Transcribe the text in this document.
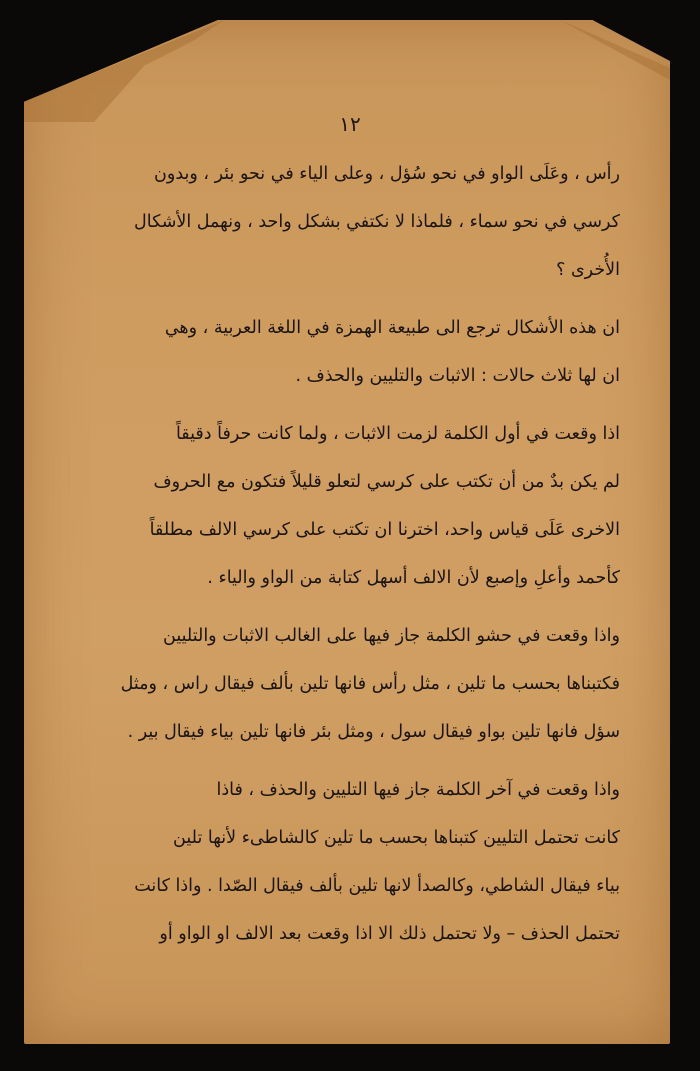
١٢

رأس ، وعَلَى الواو في نحو سُؤل ، وعلى الياء في نحو بئر ، وبدون
كرسي في نحو سماء ، فلماذا لا نكتفي بشكل واحد ، ونهمل الأشكال
الأُخرى ؟

ان هذه الأشكال ترجع الى طبيعة الهمزة في اللغة العربية ، وهي
ان لها ثلاث حالات : الاثبات والتليين والحذف .

اذا وقعت في أول الكلمة لزمت الاثبات ، ولما كانت حرفاً دقيقاً
لم يكن بدٌ من أن تكتب على كرسي لتعلو قليلاً فتكون مع الحروف
الاخرى عَلَى قياس واحد، اخترنا ان تكتب على كرسي الالف مطلقاً
كأحمد وأعلِ وإصبع لأن الالف أسهل كتابة من الواو والياء .

واذا وقعت في حشو الكلمة جاز فيها على الغالب الاثبات والتليين
فكتبناها بحسب ما تلين ، مثل رأس فانها تلين بألف فيقال راس ، ومثل
سؤل فانها تلين بواو فيقال سول ، ومثل بئر فانها تلين بياء فيقال بير .

واذا وقعت في آخر الكلمة جاز فيها التليين والحذف ، فاذا
كانت تحتمل التليين كتبناها بحسب ما تلين كالشاطىء لأنها تلين
بياء فيقال الشاطي، وكالصدأ لانها تلين بألف فيقال الصّدا . واذا كانت
تحتمل الحذف – ولا تحتمل ذلك الا اذا وقعت بعد الالف او الواو أو
